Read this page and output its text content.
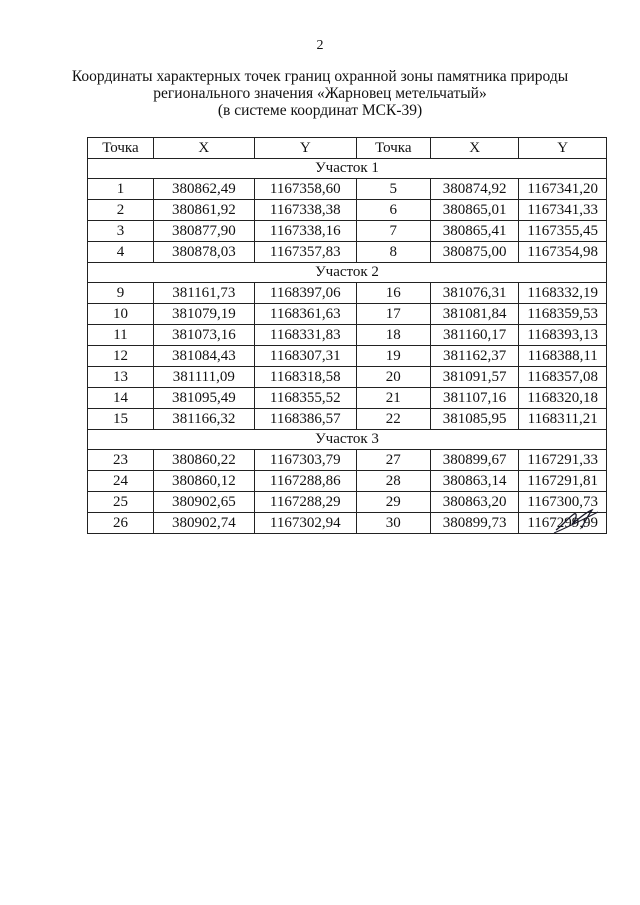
2
Координаты характерных точек границ охранной зоны памятника природы
регионального значения «Жарновец метельчатый»
(в системе координат МСК-39)
Точка	X	Y	Точка	X	Y
Участок 1					
1	380862,49	1167358,60	5	380874,92	1167341,20
2	380861,92	1167338,38	6	380865,01	1167341,33
3	380877,90	1167338,16	7	380865,41	1167355,45
4	380878,03	1167357,83	8	380875,00	1167354,98
Участок 2					
9	381161,73	1168397,06	16	381076,31	1168332,19
10	381079,19	1168361,63	17	381081,84	1168359,53
11	381073,16	1168331,83	18	381160,17	1168393,13
12	381084,43	1168307,31	19	381162,37	1168388,11
13	381111,09	1168318,58	20	381091,57	1168357,08
14	381095,49	1168355,52	21	381107,16	1168320,18
15	381166,32	1168386,57	22	381085,95	1168311,21
Участок 3					
23	380860,22	1167303,79	27	380899,67	1167291,33
24	380860,12	1167288,86	28	380863,14	1167291,81
25	380902,65	1167288,29	29	380863,20	1167300,73
26	380902,74	1167302,94	30	380899,73	1167299,99
